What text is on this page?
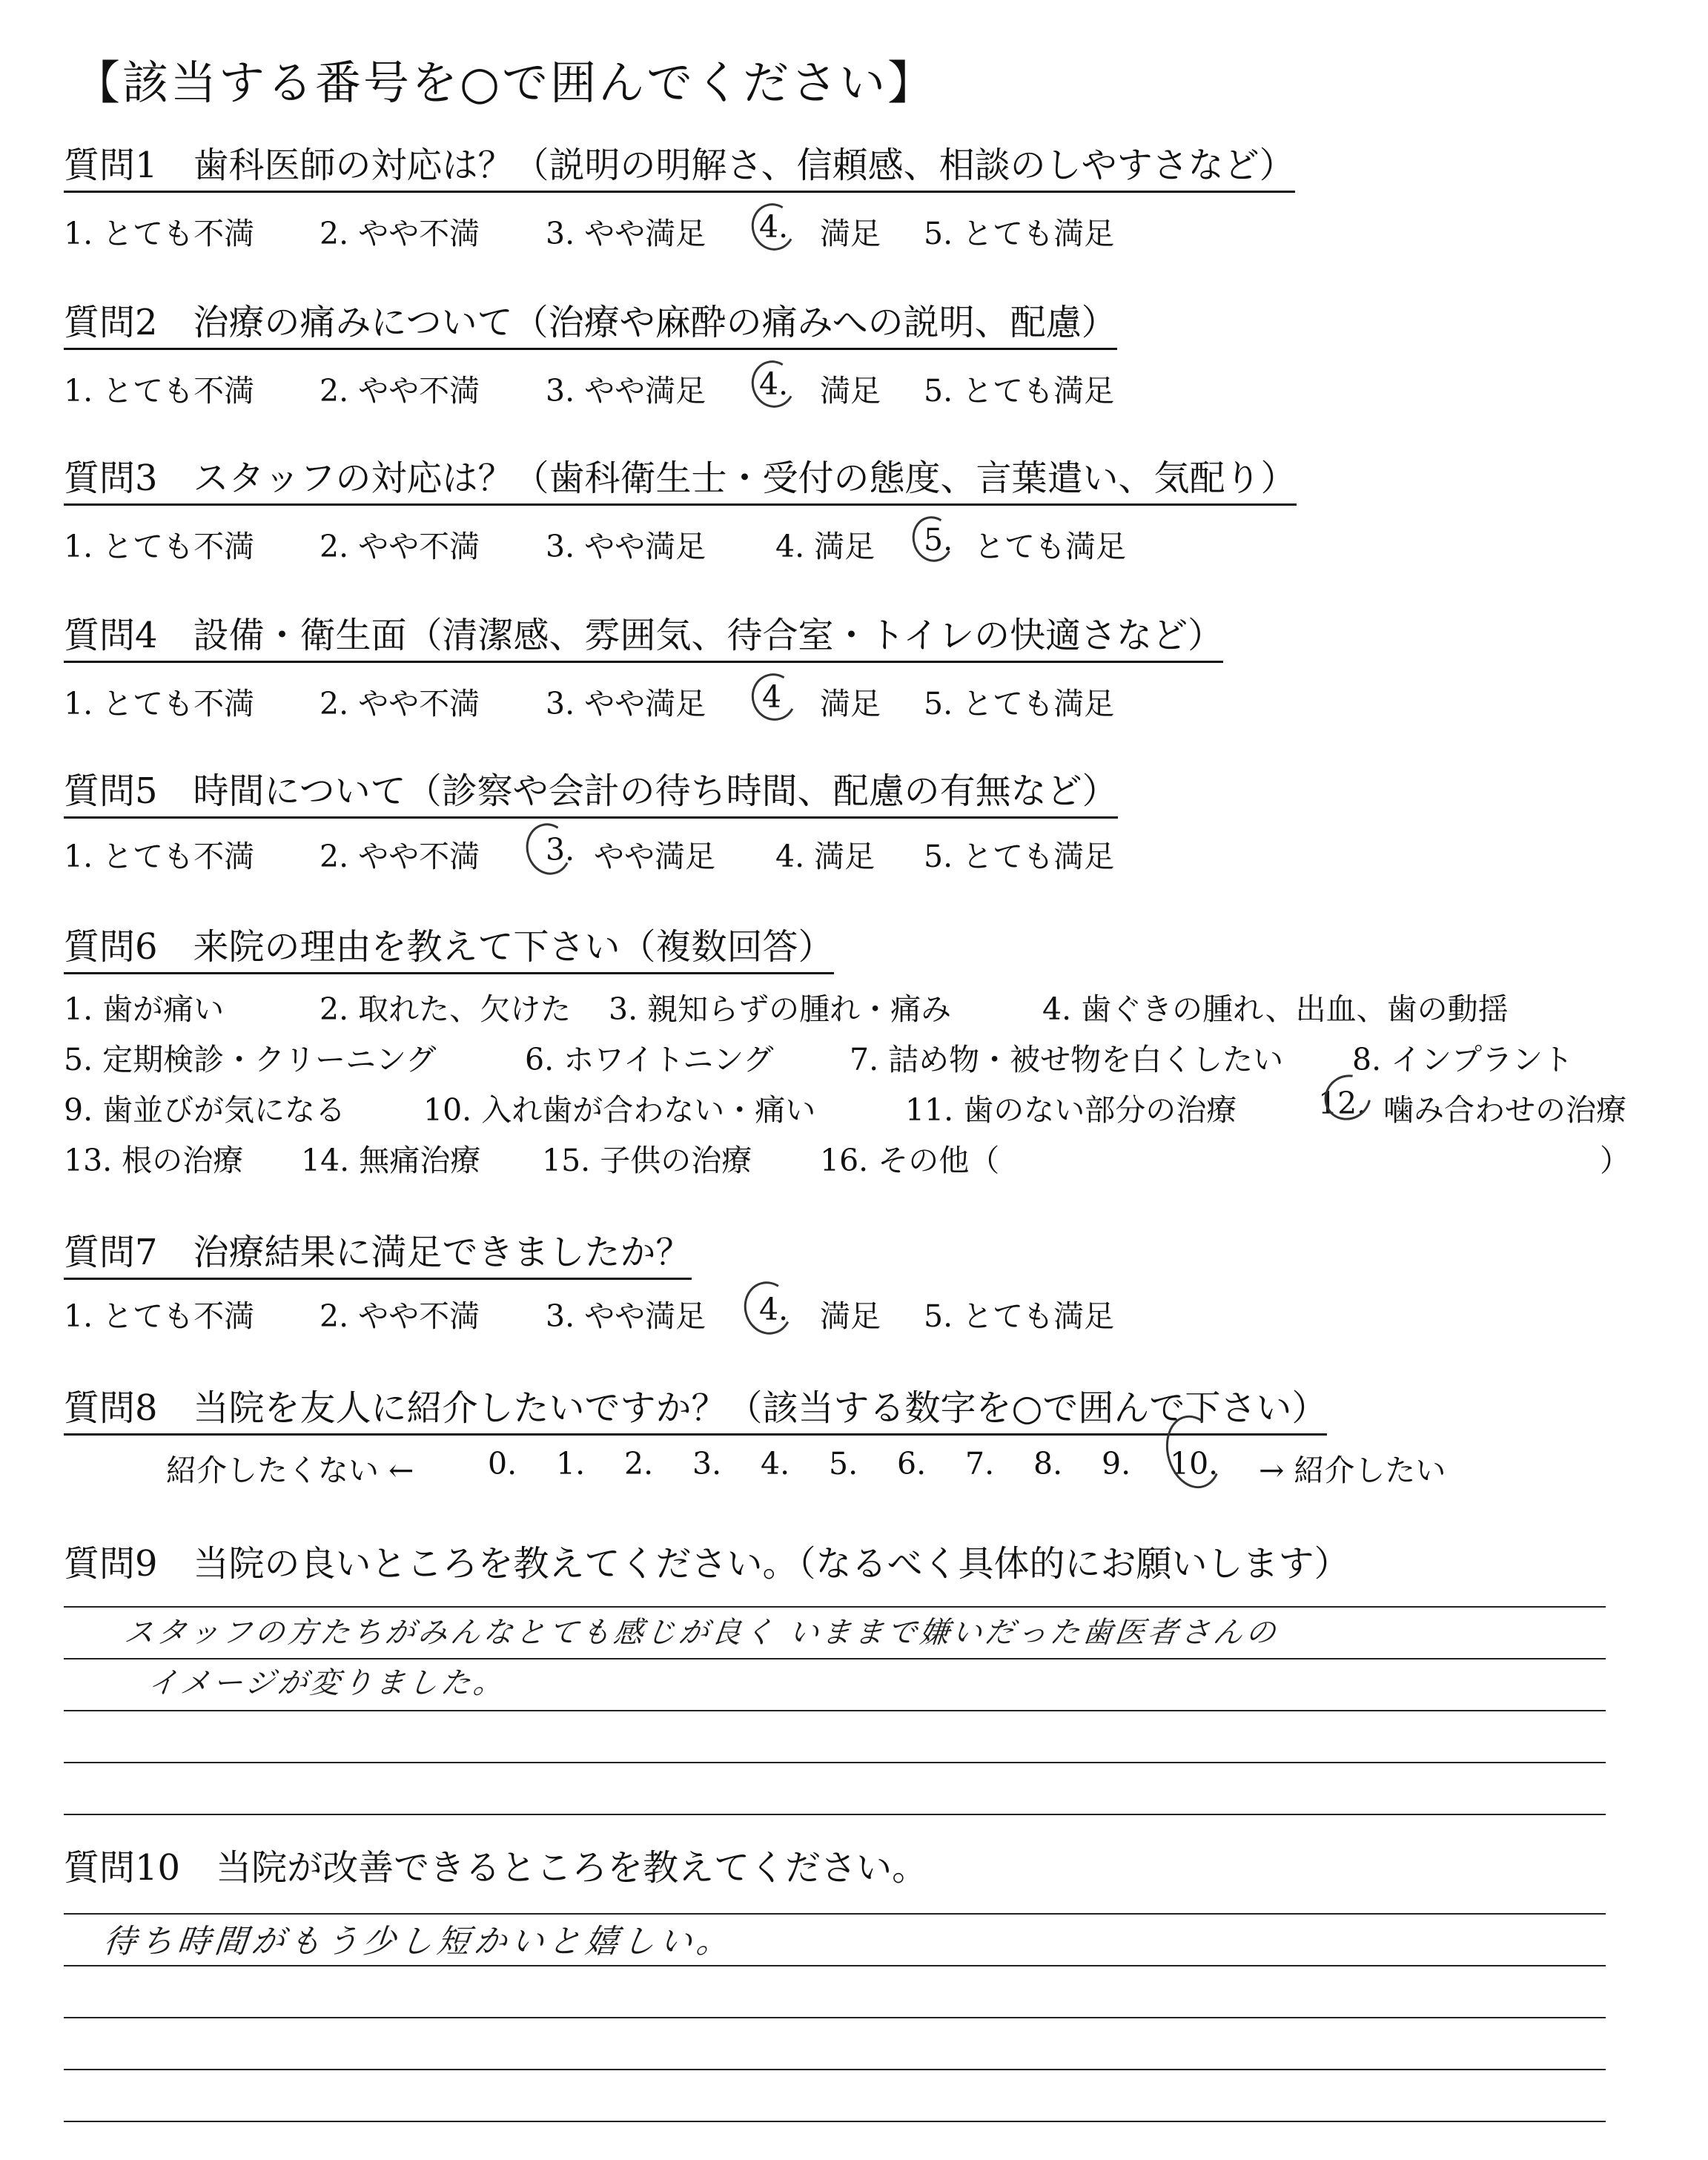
【該当する番号を○で囲んでください】
質問1　歯科医師の対応は？（説明の明解さ、信頼感、相談のしやすさなど）
1. とても不満 2. やや不満 3. やや満足 4. 満足 5. とても満足
質問2　治療の痛みについて（治療や麻酔の痛みへの説明、配慮）
1. とても不満 2. やや不満 3. やや満足 4. 満足 5. とても満足
質問3　スタッフの対応は？（歯科衛生士・受付の態度、言葉遣い、気配り）
1. とても不満 2. やや不満 3. やや満足 4. 満足 5. とても満足
質問4　設備・衛生面（清潔感、雰囲気、待合室・トイレの快適さなど）
1. とても不満 2. やや不満 3. やや満足 4 満足 5. とても満足
質問5　時間について（診察や会計の待ち時間、配慮の有無など）
1. とても不満 2. やや不満 3. やや満足 4. 満足 5. とても満足
質問6　来院の理由を教えて下さい（複数回答）
1. 歯が痛い	2. 取れた、欠けた 3. 親知らずの腫れ・痛み	4. 歯ぐきの腫れ、出血、歯の動揺
5. 定期検診・クリーニング	6. ホワイトニング	7. 詰め物・被せ物を白くしたい 8. インプラント
9. 歯並びが気になる	10. 入れ歯が合わない・痛い	11. 歯のない部分の治療	12. 噛み合わせの治療
13. 根の治療 14. 無痛治療 15. 子供の治療 16. その他（	）
質問7　治療結果に満足できましたか？
1. とても不満 2. やや不満 3. やや満足 4. 満足 5. とても満足
質問8　当院を友人に紹介したいですか？（該当する数字を○で囲んで下さい）
紹介したくない ← 0. 1. 2. 3. 4. 5. 6. 7. 8. 9. 10. → 紹介したい
質問9　当院の良いところを教えてください。（なるべく具体的にお願いします）
スタッフの方たちがみんなとても感じが良く いままで嫌いだった歯医者さんの
イメージが変りました。
質問10　当院が改善できるところを教えてください。
待ち時間がもう少し短かいと嬉しい。
